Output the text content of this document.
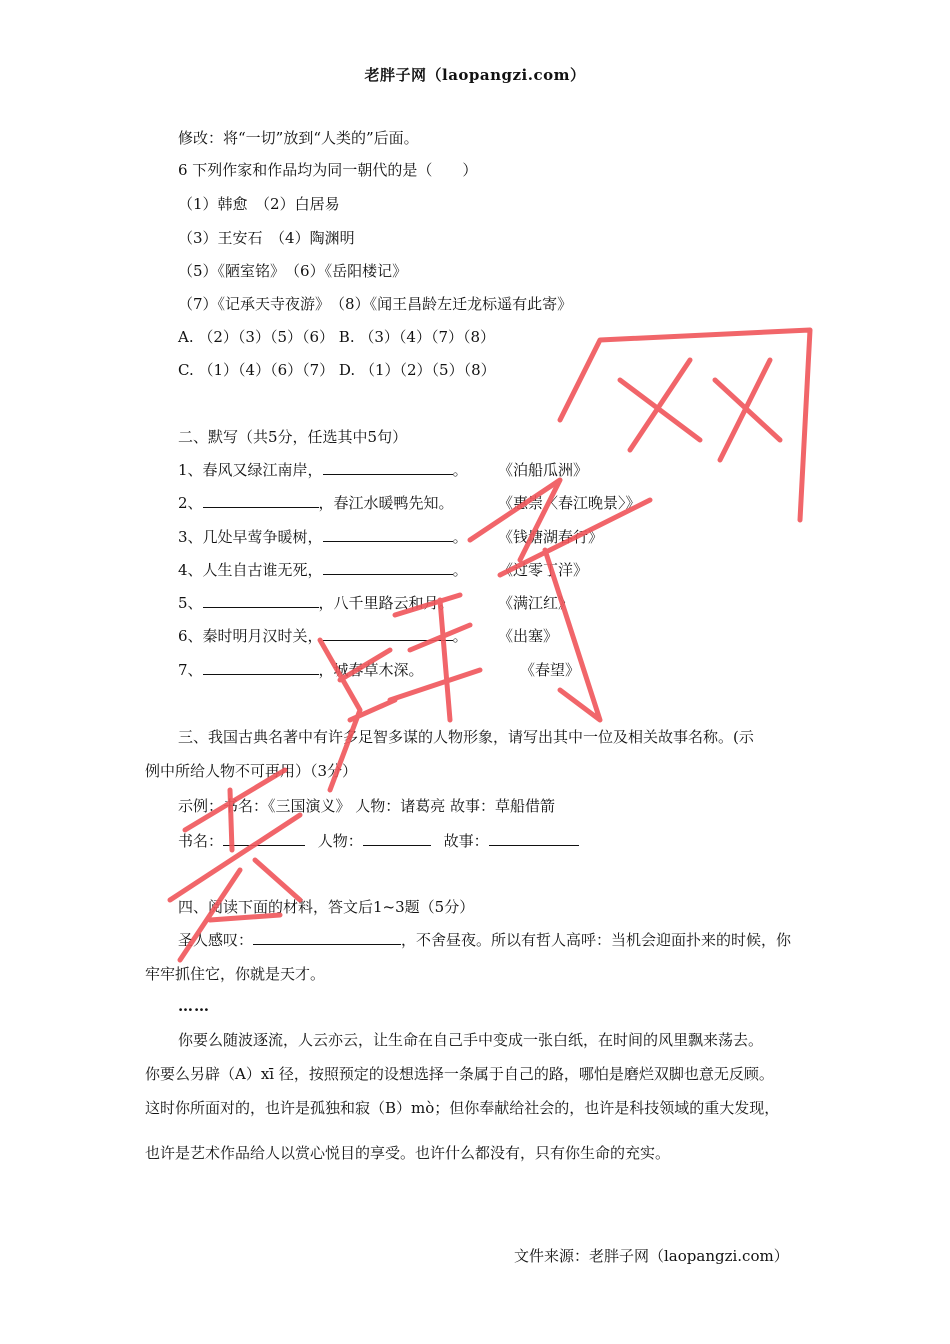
老胖子网（laopangzi.com）
修改：将“一切”放到“人类的”后面。
6 下列作家和作品均为同一朝代的是（　　）
（1）韩愈　（2）白居易
（3）王安石　（4）陶渊明
（5）《陋室铭》　（6）《岳阳楼记》
（7）《记承天寺夜游》　（8）《闻王昌龄左迁龙标遥有此寄》
A. （2）（3）（5）（6） B. （3）（4）（7）（8）
C. （1）（4）（6）（7） D. （1）（2）（5）（8）
二、默写（共5分，任选其中5句）
1、春风又绿江南岸，	。 《泊船瓜洲》
2、	，春江水暖鸭先知。	《惠崇〈春江晚景〉》
3、几处早莺争暖树，	。 《钱塘湖春行》
4、人生自古谁无死，	。 《过零丁洋》
5、	，八千里路云和月。	《满江红》
6、秦时明月汉时关，	。 《出塞》
7、	，城春草木深。	《春望》
三、我国古典名著中有许多足智多谋的人物形象，请写出其中一位及相关故事名称。(示
例中所给人物不可再用）（3分）
示例：书名：《三国演义》 人物：诸葛亮 故事：草船借箭
书名：	人物：	故事：
四、阅读下面的材料，答文后1~3题（5分）
圣人感叹：	，不舍昼夜。所以有哲人高呼：当机会迎面扑来的时候，你
牢牢抓住它，你就是天才。
……
你要么随波逐流，人云亦云，让生命在自己手中变成一张白纸，在时间的风里飘来荡去。
你要么另辟（A）xī 径，按照预定的设想选择一条属于自己的路，哪怕是磨烂双脚也意无反顾。
这时你所面对的，也许是孤独和寂（B）mò；但你奉献给社会的，也许是科技领域的重大发现，
也许是艺术作品给人以赏心悦目的享受。也许什么都没有，只有你生命的充实。
文件来源：老胖子网（laopangzi.com）
